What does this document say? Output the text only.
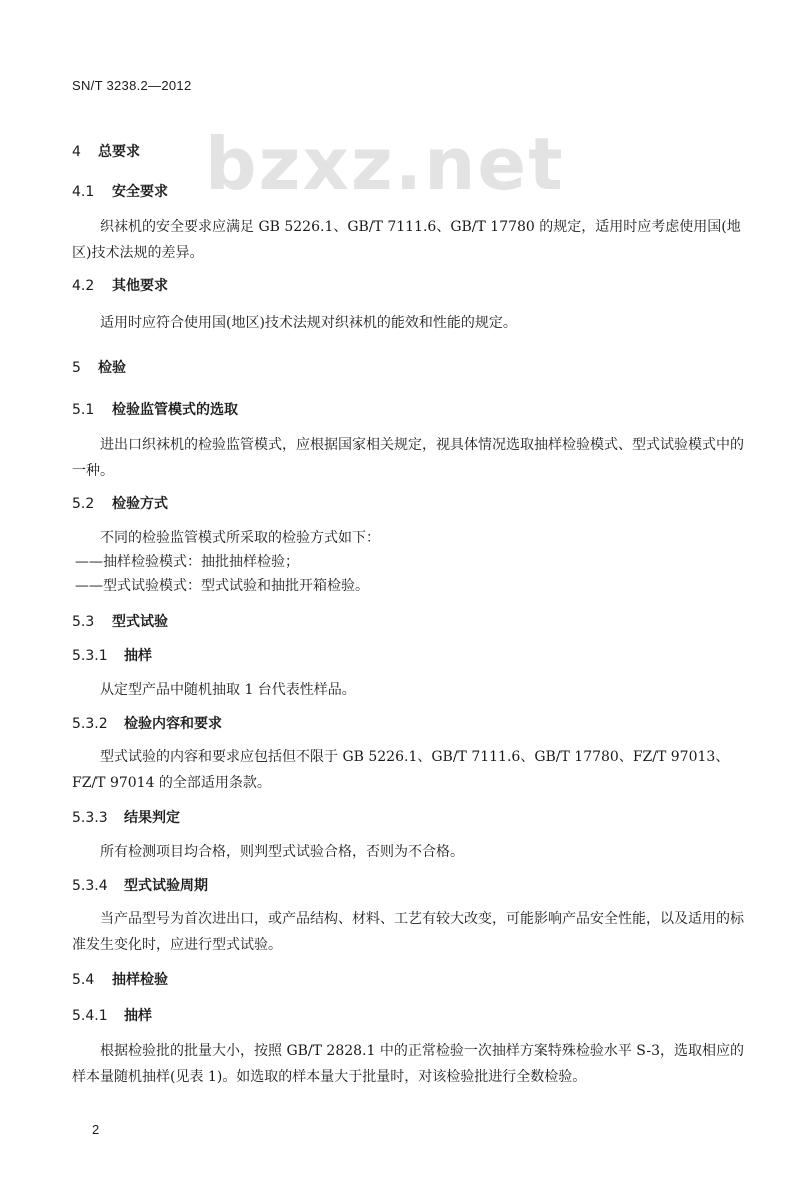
SN/T 3238.2—2012
bzxz.net
4 总要求
4.1 安全要求

织袜机的安全要求应满足 GB 5226.1、GB/T 7111.6、GB/T 17780 的规定，适用时应考虑使用国(地区)技术法规的差异。

4.2 其他要求

适用时应符合使用国(地区)技术法规对织袜机的能效和性能的规定。

5 检验
5.1 检验监管模式的选取

进出口织袜机的检验监管模式，应根据国家相关规定，视具体情况选取抽样检验模式、型式试验模式中的一种。

5.2 检验方式

不同的检验监管模式所采取的检验方式如下：

——抽样检验模式：抽批抽样检验；

——型式试验模式：型式试验和抽批开箱检验。

5.3 型式试验
5.3.1 抽样

从定型产品中随机抽取 1 台代表性样品。

5.3.2 检验内容和要求

型式试验的内容和要求应包括但不限于 GB 5226.1、GB/T 7111.6、GB/T 17780、FZ/T 97013、FZ/T 97014 的全部适用条款。

5.3.3 结果判定

所有检测项目均合格，则判型式试验合格，否则为不合格。

5.3.4 型式试验周期

当产品型号为首次进出口，或产品结构、材料、工艺有较大改变，可能影响产品安全性能，以及适用的标准发生变化时，应进行型式试验。

5.4 抽样检验
5.4.1 抽样

根据检验批的批量大小，按照 GB/T 2828.1 中的正常检验一次抽样方案特殊检验水平 S-3，选取相应的样本量随机抽样(见表 1)。如选取的样本量大于批量时，对该检验批进行全数检验。

2
